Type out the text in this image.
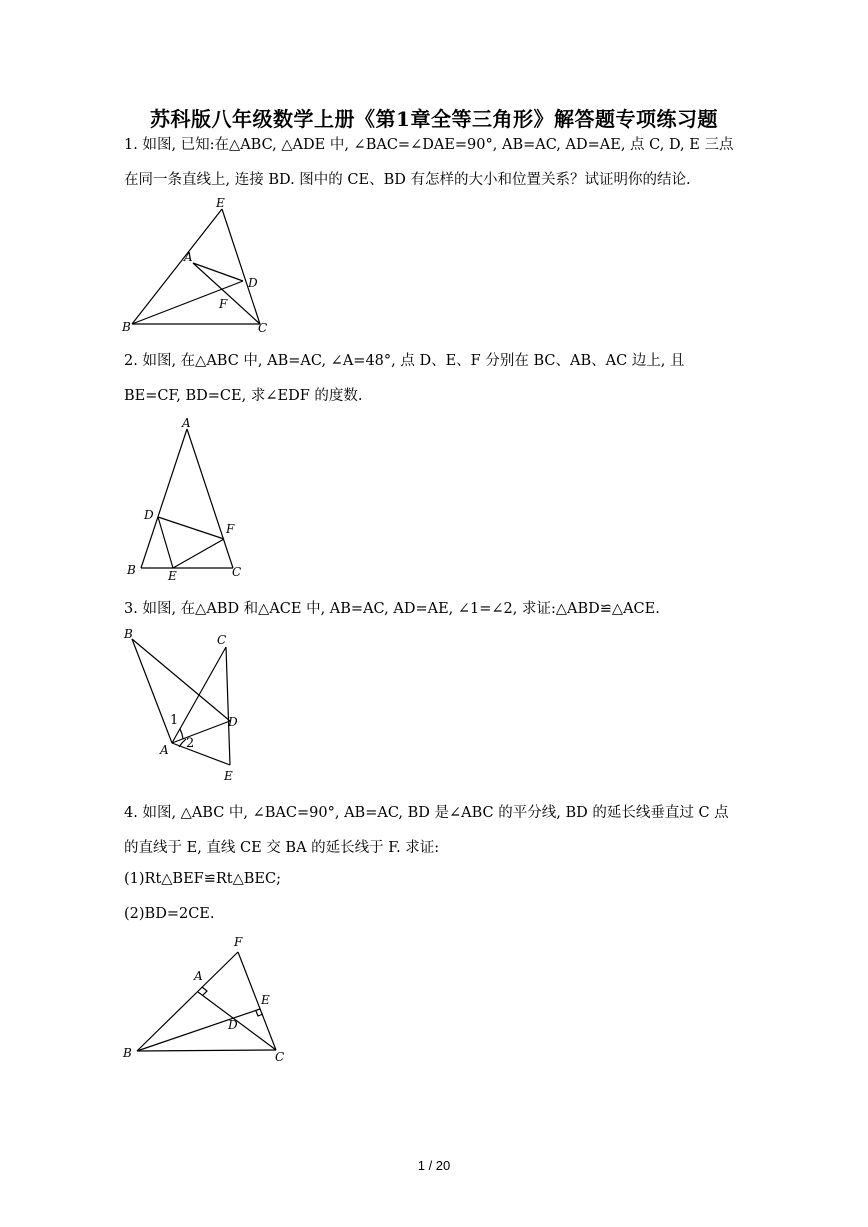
苏科版八年级数学上册《第1章全等三角形》解答题专项练习题
1. 如图, 已知:在△ABC, △ADE 中, ∠BAC=∠DAE=90°, AB=AC, AD=AE, 点 C, D, E 三点
在同一条直线上, 连接 BD. 图中的 CE、BD 有怎样的大小和位置关系？试证明你的结论.
E
A
D
F
B	C
2. 如图, 在△ABC 中, AB=AC, ∠A=48°, 点 D、E、F 分别在 BC、AB、AC 边上, 且
BE=CF, BD=CE, 求∠EDF 的度数.
A
D
F
B	E	C
3. 如图, 在△ABD 和△ACE 中, AB=AC, AD=AE, ∠1=∠2, 求证:△ABD≌△ACE.
B	C
1	D
A 2
E
4. 如图, △ABC 中, ∠BAC=90°, AB=AC, BD 是∠ABC 的平分线, BD 的延长线垂直过 C 点
的直线于 E, 直线 CE 交 BA 的延长线于 F. 求证:
(1)Rt△BEF≌Rt△BEC;
(2)BD=2CE.
F
A
E
D
B	C
1 / 20
